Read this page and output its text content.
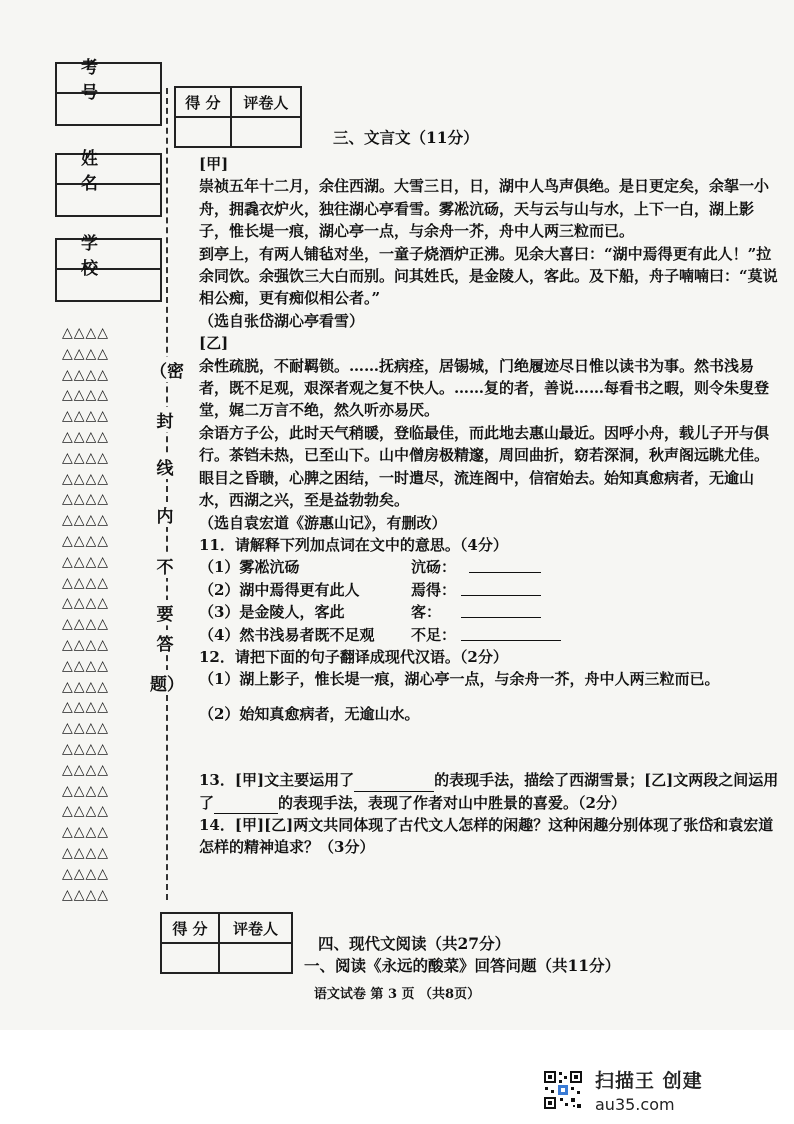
考 号
姓 名
学 校
△△△△
△△△△
△△△△
△△△△
△△△△
△△△△
△△△△
△△△△
△△△△
△△△△
△△△△
△△△△
△△△△
△△△△
△△△△
△△△△
△△△△
△△△△
△△△△
△△△△
△△△△
△△△△
△△△△
△△△△
△△△△
△△△△
△△△△
△△△△
（密
封
线
内
不
要
答
题）
得 分	评卷人

三、文言文（11分）

[甲]

崇祯五年十二月，余住西湖。大雪三日，日，湖中人鸟声俱绝。是日更定矣，余挐一小舟，拥毳衣炉火，独往湖心亭看雪。雾凇沆砀，天与云与山与水，上下一白，湖上影子，惟长堤一痕，湖心亭一点，与余舟一芥，舟中人两三粒而已。

到亭上，有两人铺毡对坐，一童子烧酒炉正沸。见余大喜曰：“湖中焉得更有此人！”拉余同饮。余强饮三大白而别。问其姓氏，是金陵人，客此。及下船，舟子喃喃曰：“莫说相公痴，更有痴似相公者。”

（选自张岱湖心亭看雪）

[乙]

余性疏脱，不耐羁锁。……抚病痊，居锡城，门绝履迹尽日惟以读书为事。然书浅易者，既不足观，艰深者观之复不快人。……复的者，善说……每看书之暇，则令朱叟登堂，娓二万言不绝，然久听亦易厌。

余语方子公，此时天气稍暖，登临最佳，而此地去惠山最近。因呼小舟，载儿子开与俱行。茶铛未热，已至山下。山中僧房极精邃，周回曲折，窈若深洞，秋声阁远眺尤佳。眼目之昏聩，心脾之困结，一时遣尽，流连阁中，信宿始去。始知真愈病者，无逾山水，西湖之兴，至是益勃勃矣。

（选自袁宏道《游惠山记》，有删改）

11．请解释下列加点词在文中的意思。（4分）

（1）雾凇沆砀	沆砀：
（2）湖中焉得更有此人	焉得：
（3）是金陵人，客此	客：
（4）然书浅易者既不足观	不足：

12．请把下面的句子翻译成现代汉语。（2分）

（1）湖上影子，惟长堤一痕，湖心亭一点，与余舟一芥，舟中人两三粒而已。

（2）始知真愈病者，无逾山水。

13．[甲]文主要运用了	的表现手法，描绘了西湖雪景；[乙]文两段之间运用了	的表现手法，表现了作者对山中胜景的喜爱。（2分）

14．[甲][乙]两文共同体现了古代文人怎样的闲趣？这种闲趣分别体现了张岱和袁宏道怎样的精神追求？（3分）

得 分	评卷人

四、现代文阅读（共27分）
一、阅读《永远的酸菜》回答问题（共11分）
语文试卷 第 3 页 （共8页）
扫描王 创建
au35.com
